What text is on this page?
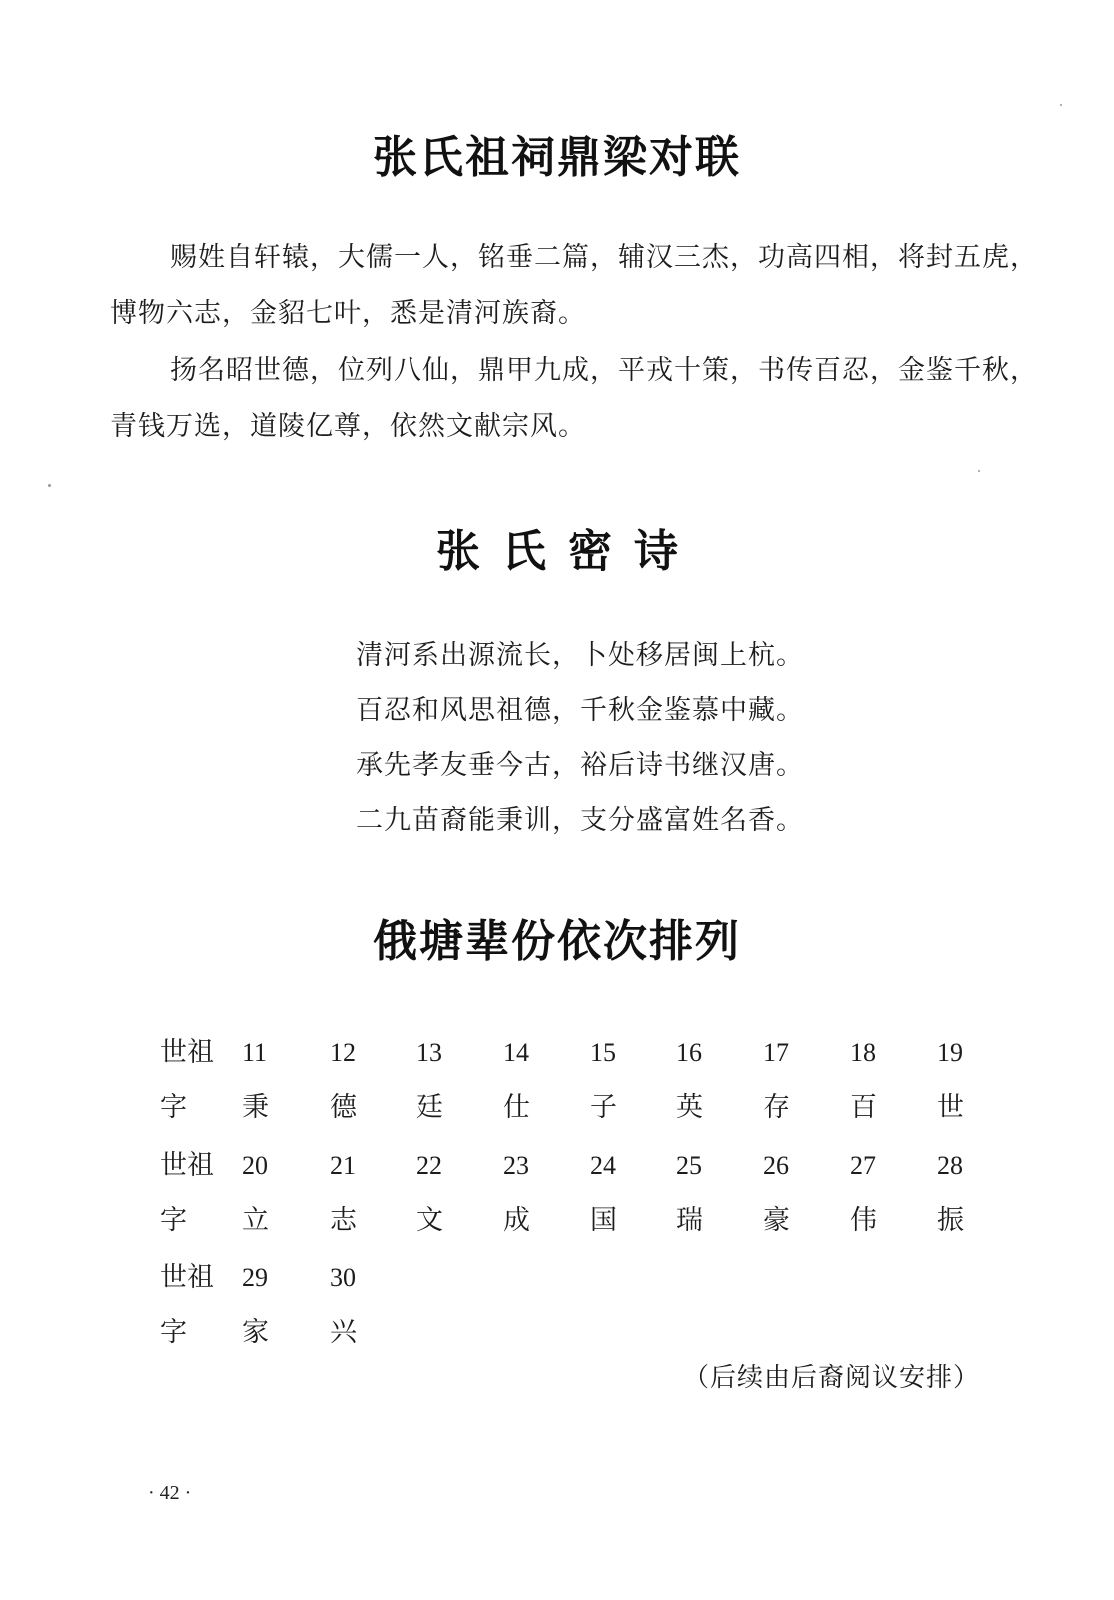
张氏祖祠鼎梁对联
赐姓自轩辕，大儒一人，铭垂二篇，辅汉三杰，功高四相，将封五虎，博物六志，金貂七叶，悉是清河族裔。
扬名昭世德，位列八仙，鼎甲九成，平戎十策，书传百忍，金鉴千秋，青钱万选，道陵亿尊，依然文献宗风。
张氏密诗
清河系出源流长，卜处移居闽上杭。
百忍和风思祖德，千秋金鉴慕中藏。
承先孝友垂今古，裕后诗书继汉唐。
二九苗裔能秉训，支分盛富姓名香。
俄塘辈份依次排列
世祖 11 12 13 14 15 16 17 18 19
字 秉 德 廷 仕 子 英 存 百 世
世祖 20 21 22 23 24 25 26 27 28
字 立 志 文 成 国 瑞 豪 伟 振
世祖 29 30
字 家 兴
（后续由后裔阅议安排）
· 42 ·
